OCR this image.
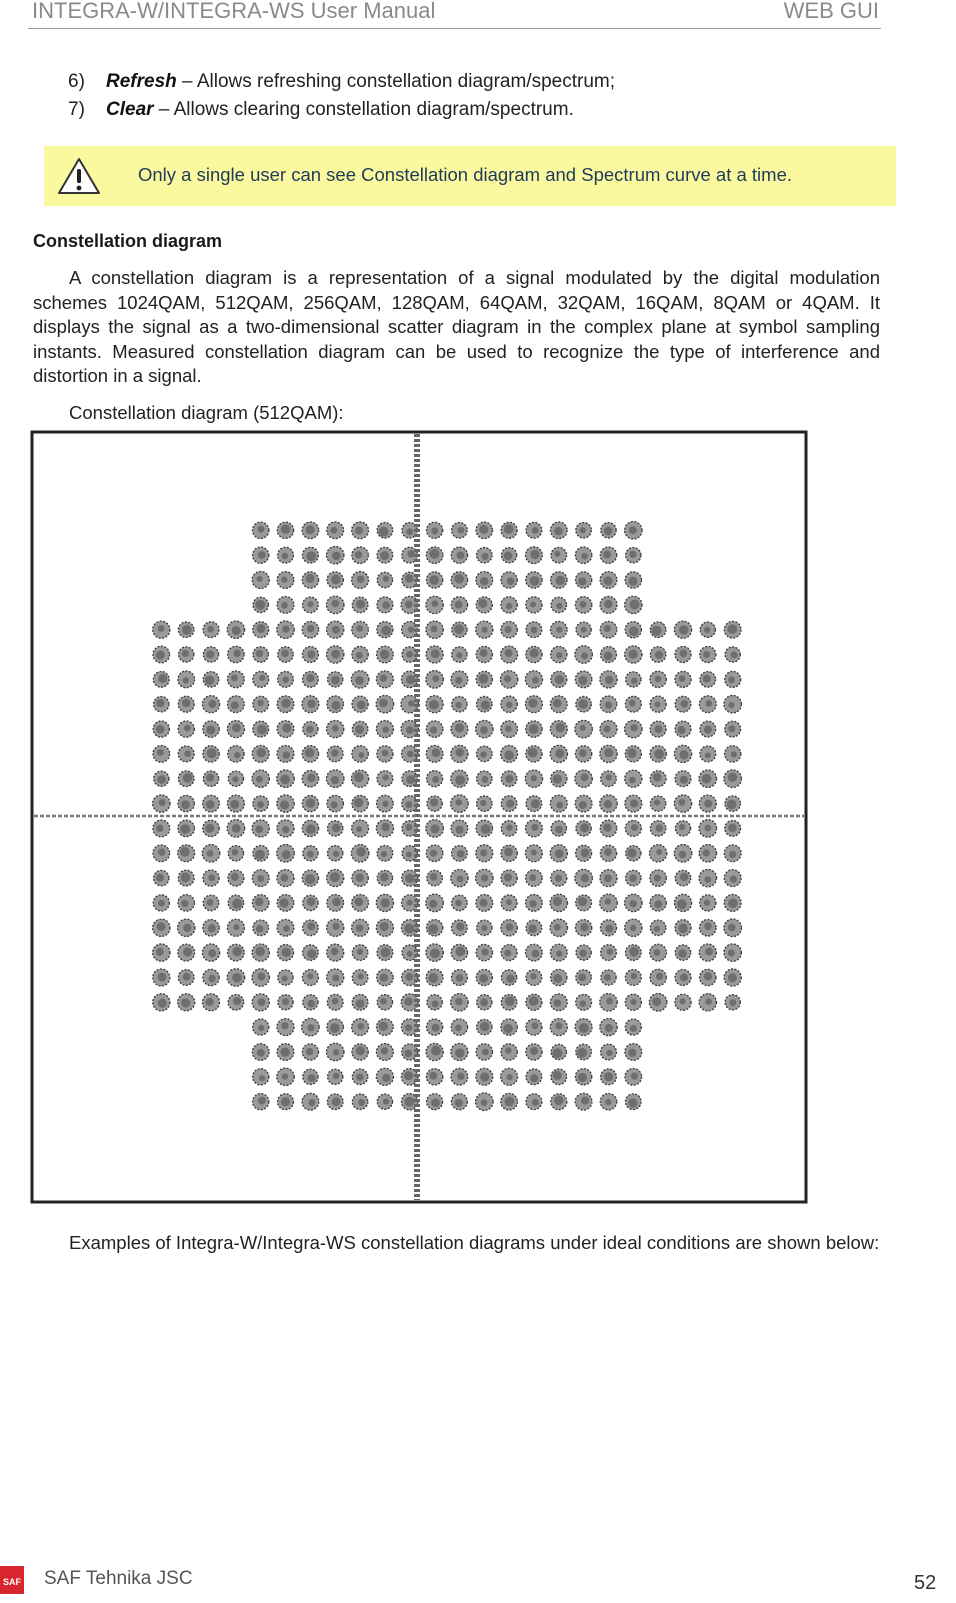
INTEGRA-W/INTEGRA-WS User Manual	WEB GUI
6) Refresh – Allows refreshing constellation diagram/spectrum;
7) Clear – Allows clearing constellation diagram/spectrum.
Only a single user can see Constellation diagram and Spectrum curve at a time.
Constellation diagram
A constellation diagram is a representation of a signal modulated by the digital modulation schemes 1024QAM, 512QAM, 256QAM, 128QAM, 64QAM, 32QAM, 16QAM, 8QAM or 4QAM. It displays the signal as a two-dimensional scatter diagram in the complex plane at symbol sampling instants. Measured constellation diagram can be used to recognize the type of interference and distortion in a signal.
Constellation diagram (512QAM):
Examples of Integra-W/Integra-WS constellation diagrams under ideal conditions are shown below:
SAF SAF Tehnika JSC	52
